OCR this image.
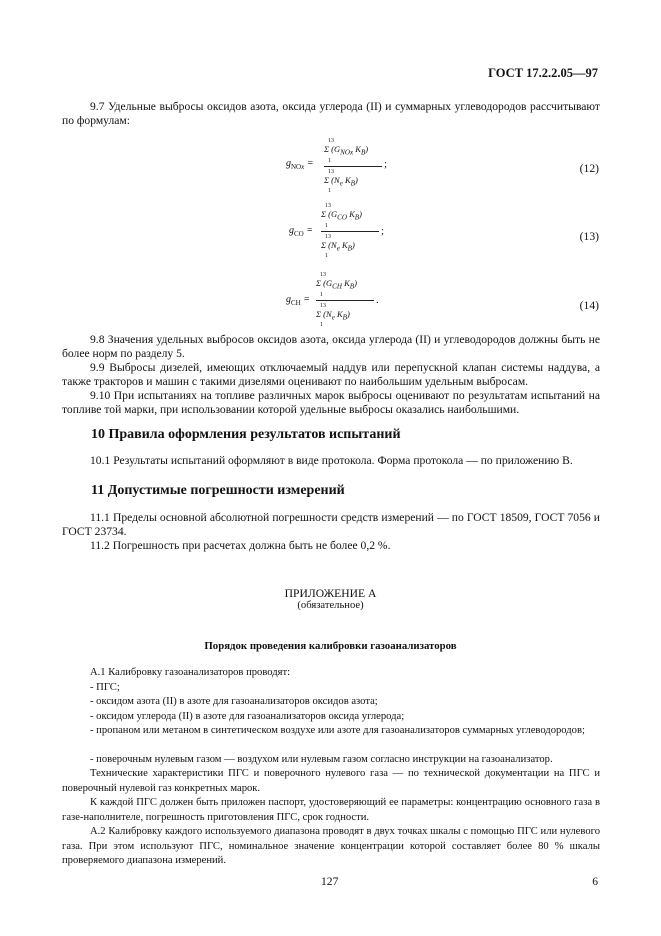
ГОСТ 17.2.2.05—97
9.7 Удельные выбросы оксидов азота, оксида углерода (II) и суммарных углеводородов рассчитывают по формулам:
$g_{NOx}$ =
13
Σ ($G_{NOx}$ $K_B$)
1
13
Σ ($N_e$ $K_B$)
1
;	(12)
$g_{CO}$ =
13
Σ ($G_{CO}$ $K_B$)
1
13
Σ ($N_e$ $K_B$)
1
;	(13)
$g_{CH}$ =
13
Σ ($G_{CH}$ $K_B$)
1
13
Σ ($N_e$ $K_B$)
1
.	(14)
9.8 Значения удельных выбросов оксидов азота, оксида углерода (II) и углеводородов должны быть не более норм по разделу 5.
9.9 Выбросы дизелей, имеющих отключаемый наддув или перепускной клапан системы наддува, а также тракторов и машин с такими дизелями оценивают по наибольшим удельным выбросам.
9.10 При испытаниях на топливе различных марок выбросы оценивают по результатам испытаний на топливе той марки, при использовании которой удельные выбросы оказались наибольшими.
10 Правила оформления результатов испытаний
10.1 Результаты испытаний оформляют в виде протокола. Форма протокола — по приложению В.
11 Допустимые погрешности измерений
11.1 Пределы основной абсолютной погрешности средств измерений — по ГОСТ 18509, ГОСТ 7056 и ГОСТ 23734.
11.2 Погрешность при расчетах должна быть не более 0,2 %.
ПРИЛОЖЕНИЕ А
(обязательное)
Порядок проведения калибровки газоанализаторов
А.1 Калибровку газоанализаторов проводят:
- ПГС;
- оксидом азота (II) в азоте для газоанализаторов оксидов азота;
- оксидом углерода (II) в азоте для газоанализаторов оксида углерода;
- пропаном или метаном в синтетическом воздухе или азоте для газоанализаторов суммарных углеводородов;
- поверочным нулевым газом — воздухом или нулевым газом согласно инструкции на газоанализатор.
Технические характеристики ПГС и поверочного нулевого газа — по технической документации на ПГС и поверочный нулевой газ конкретных марок.
К каждой ПГС должен быть приложен паспорт, удостоверяющий ее параметры: концентрацию основного газа в газе-наполнителе, погрешность приготовления ПГС, срок годности.
А.2 Калибровку каждого используемого диапазона проводят в двух точках шкалы с помощью ПГС или нулевого газа. При этом используют ПГС, номинальное значение концентрации которой составляет более 80 % шкалы проверяемого диапазона измерений.
127	6
